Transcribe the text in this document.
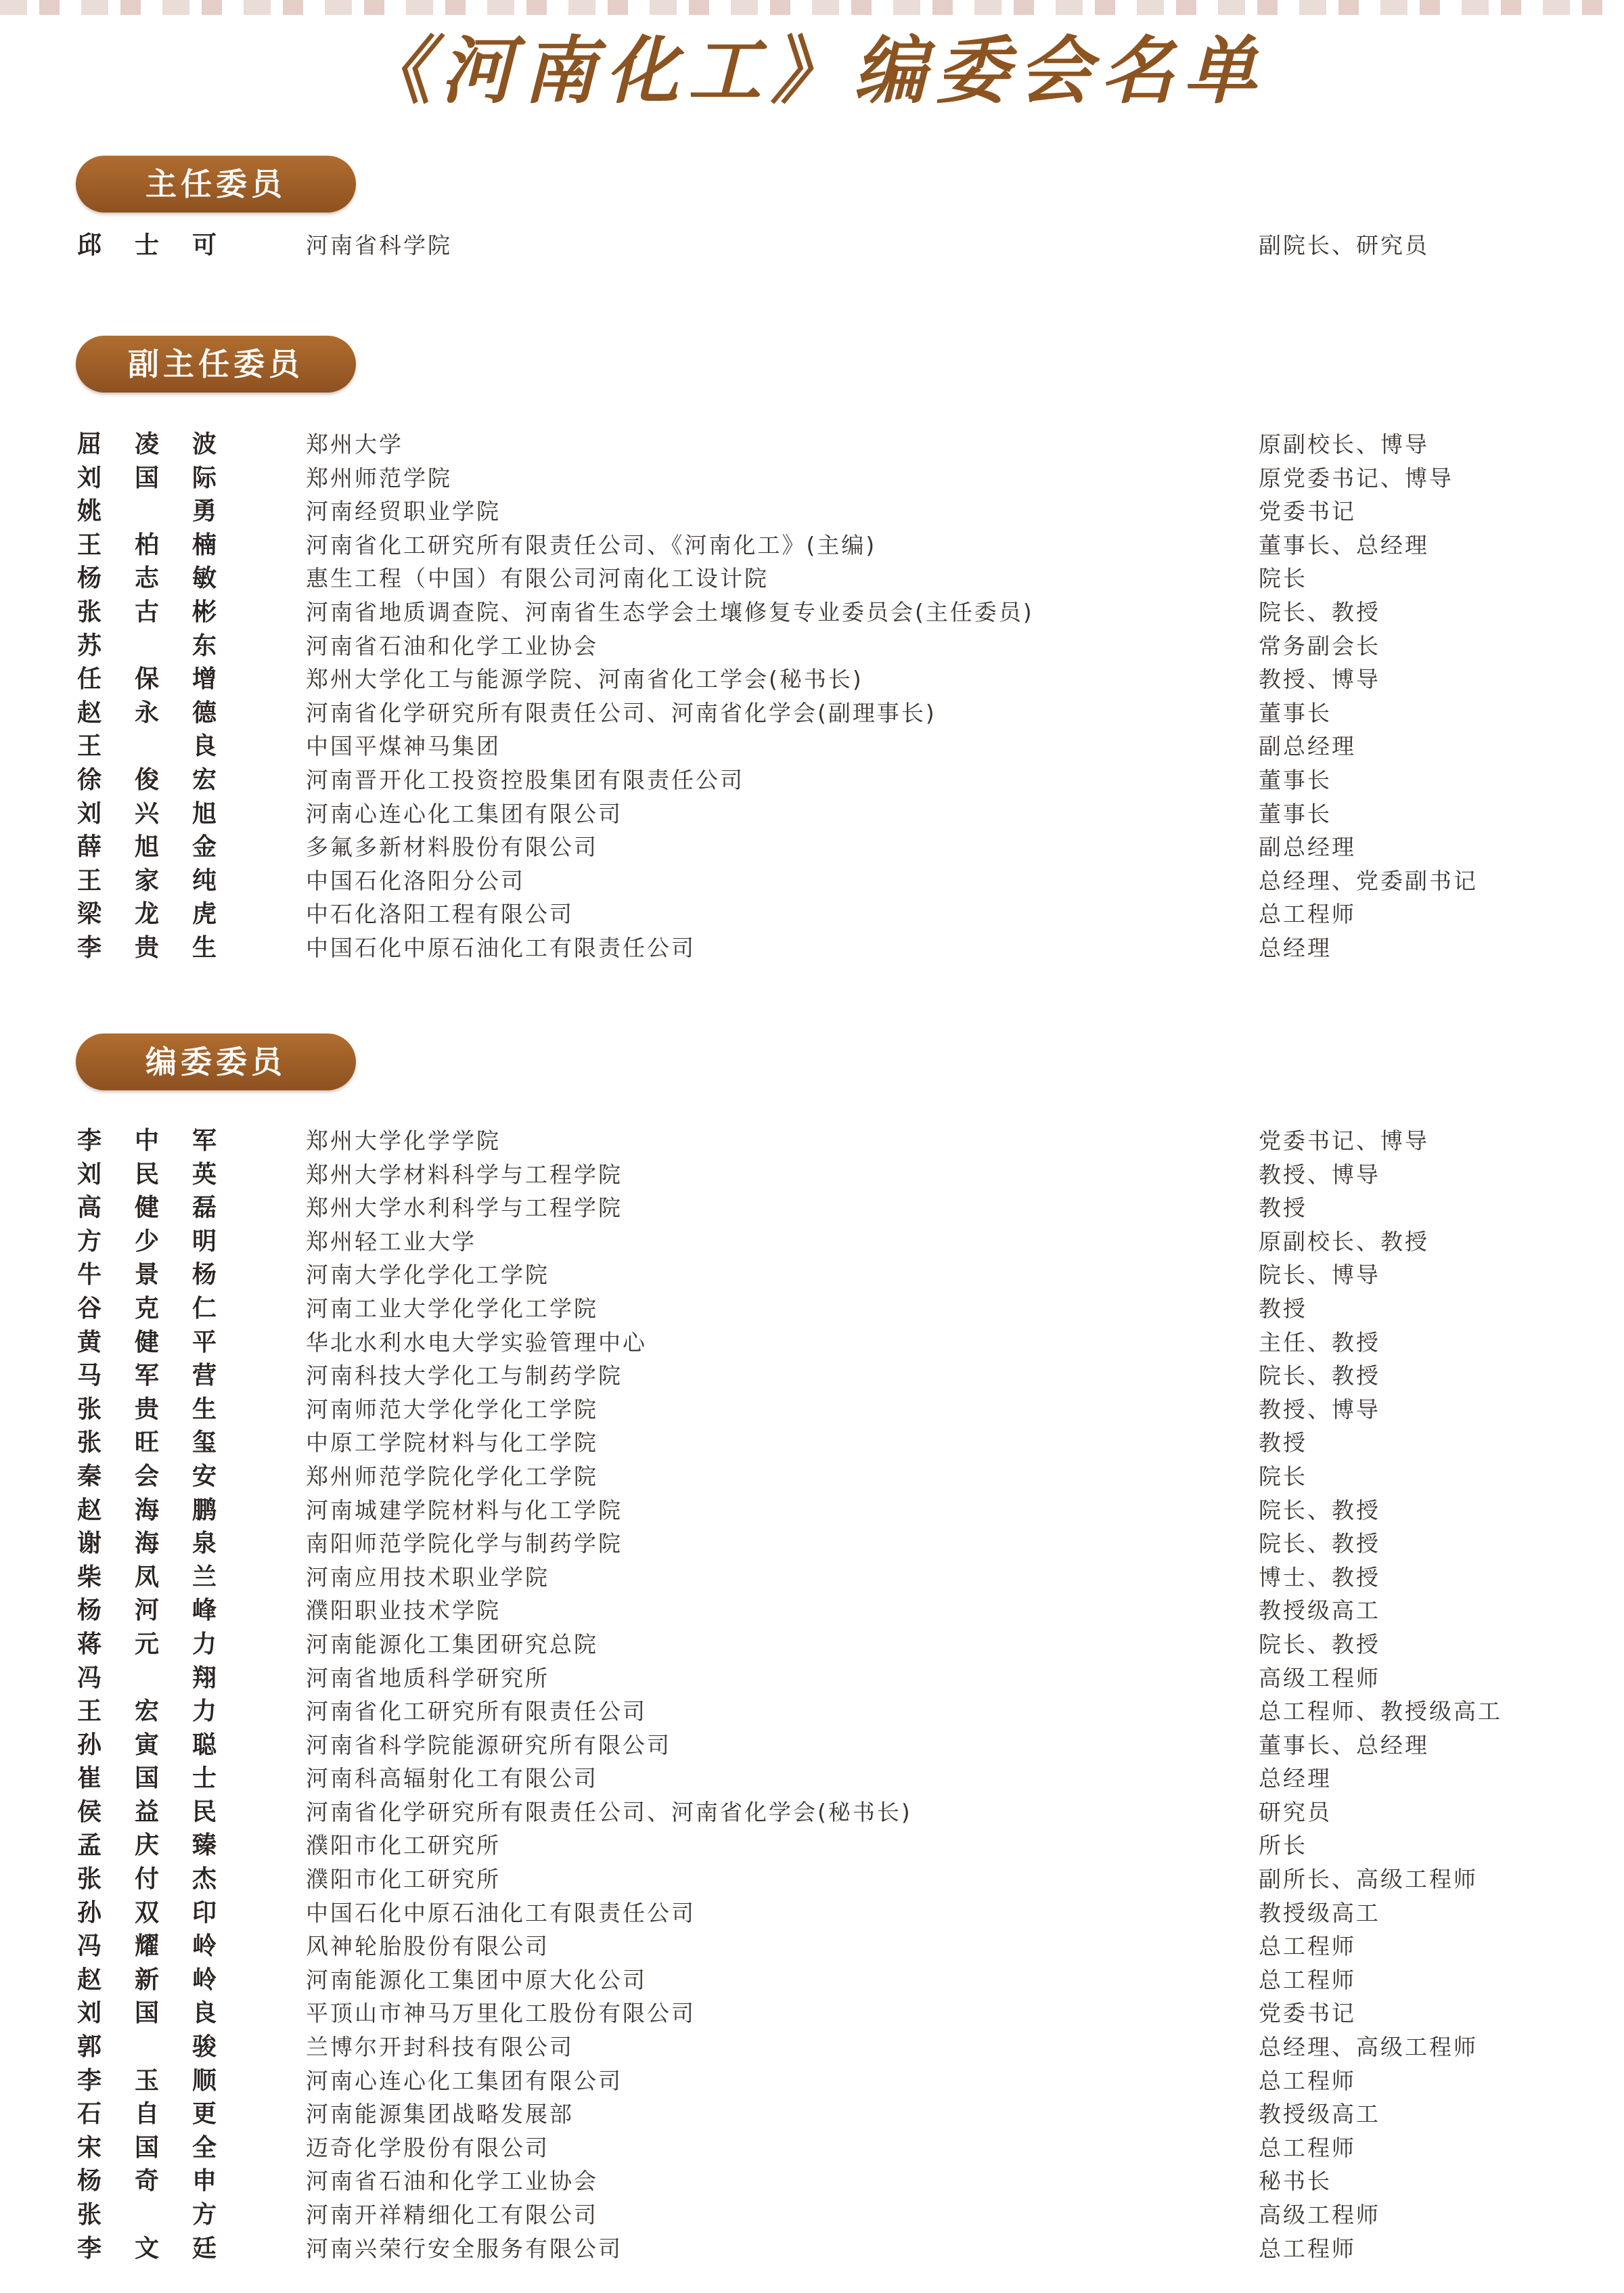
《河南化工》编委会名单
主任委员
邱 士 可	河南省科学院	副院长、研究员
副主任委员
屈 凌 波	郑州大学	原副校长、博导
刘 国 际	郑州师范学院	原党委书记、博导
姚	勇	河南经贸职业学院	党委书记
王 柏 楠	河南省化工研究所有限责任公司、《河南化工》(主编)	董事长、总经理
杨 志 敏	惠生工程（中国）有限公司河南化工设计院	院长
张 古 彬	河南省地质调查院、河南省生态学会土壤修复专业委员会(主任委员)	院长、教授
苏	东	河南省石油和化学工业协会	常务副会长
任 保 增	郑州大学化工与能源学院、河南省化工学会(秘书长)	教授、博导
赵 永 德	河南省化学研究所有限责任公司、河南省化学会(副理事长)	董事长
王	良	中国平煤神马集团	副总经理
徐 俊 宏	河南晋开化工投资控股集团有限责任公司	董事长
刘 兴 旭	河南心连心化工集团有限公司	董事长
薛 旭 金	多氟多新材料股份有限公司	副总经理
王 家 纯	中国石化洛阳分公司	总经理、党委副书记
梁 龙 虎	中石化洛阳工程有限公司	总工程师
李 贵 生	中国石化中原石油化工有限责任公司	总经理
编委委员
李 中 军	郑州大学化学学院	党委书记、博导
刘 民 英	郑州大学材料科学与工程学院	教授、博导
高 健 磊	郑州大学水利科学与工程学院	教授
方 少 明	郑州轻工业大学	原副校长、教授
牛 景 杨	河南大学化学化工学院	院长、博导
谷 克 仁	河南工业大学化学化工学院	教授
黄 健 平	华北水利水电大学实验管理中心	主任、教授
马 军 营	河南科技大学化工与制药学院	院长、教授
张 贵 生	河南师范大学化学化工学院	教授、博导
张 旺 玺	中原工学院材料与化工学院	教授
秦 会 安	郑州师范学院化学化工学院	院长
赵 海 鹏	河南城建学院材料与化工学院	院长、教授
谢 海 泉	南阳师范学院化学与制药学院	院长、教授
柴 凤 兰	河南应用技术职业学院	博士、教授
杨 河 峰	濮阳职业技术学院	教授级高工
蒋 元 力	河南能源化工集团研究总院	院长、教授
冯	翔	河南省地质科学研究所	高级工程师
王 宏 力	河南省化工研究所有限责任公司	总工程师、教授级高工
孙 寅 聪	河南省科学院能源研究所有限公司	董事长、总经理
崔 国 士	河南科高辐射化工有限公司	总经理
侯 益 民	河南省化学研究所有限责任公司、河南省化学会(秘书长)	研究员
孟 庆 臻	濮阳市化工研究所	所长
张 付 杰	濮阳市化工研究所	副所长、高级工程师
孙 双 印	中国石化中原石油化工有限责任公司	教授级高工
冯 耀 岭	风神轮胎股份有限公司	总工程师
赵 新 岭	河南能源化工集团中原大化公司	总工程师
刘 国 良	平顶山市神马万里化工股份有限公司	党委书记
郭	骏	兰博尔开封科技有限公司	总经理、高级工程师
李 玉 顺	河南心连心化工集团有限公司	总工程师
石 自 更	河南能源集团战略发展部	教授级高工
宋 国 全	迈奇化学股份有限公司	总工程师
杨 奇 申	河南省石油和化学工业协会	秘书长
张	方	河南开祥精细化工有限公司	高级工程师
李 文 廷	河南兴荣行安全服务有限公司	总工程师
